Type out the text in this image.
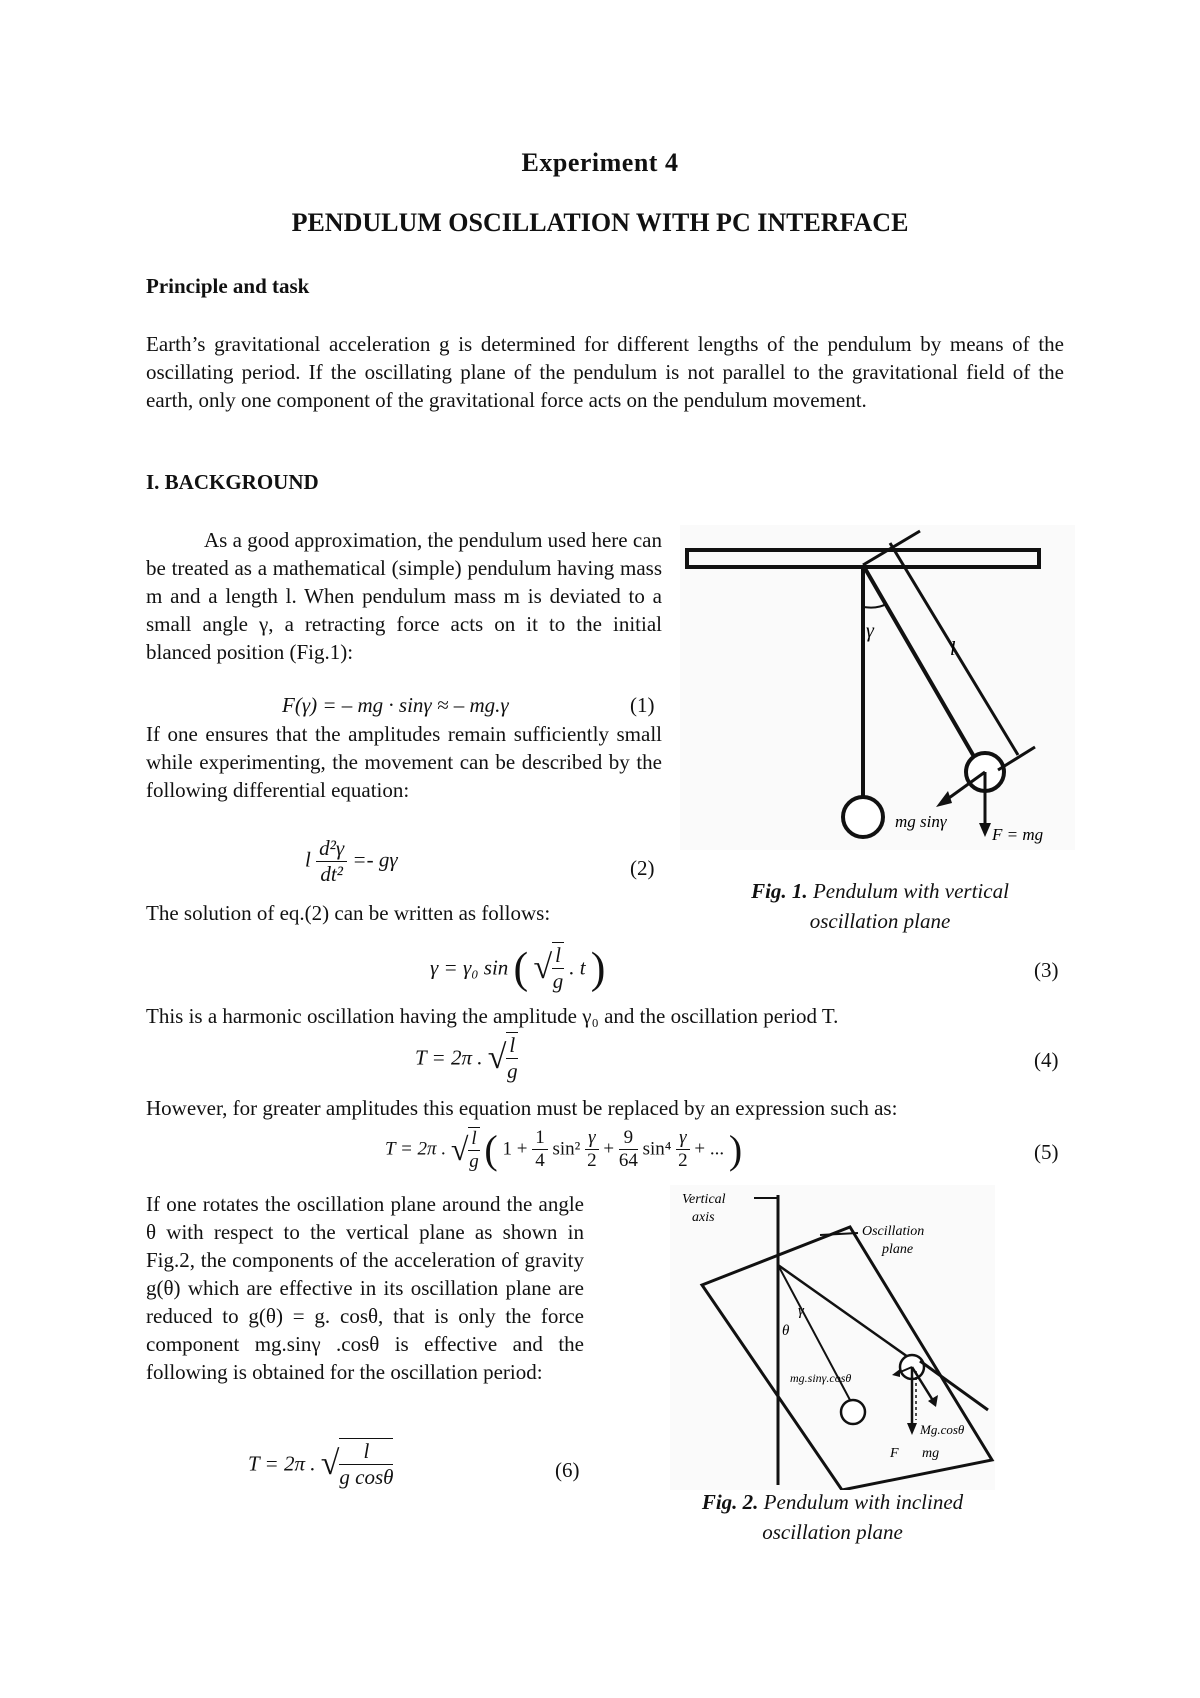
Experiment 4
PENDULUM OSCILLATION WITH PC INTERFACE
Principle and task
Earth’s gravitational acceleration g is determined for different lengths of the pendulum by means of the oscillating period. If the oscillating plane of the pendulum is not parallel to the gravitational field of the earth, only one component of the gravitational force acts on the pendulum movement.
I. BACKGROUND
As a good approximation, the pendulum used here can be treated as a mathematical (simple) pendulum having mass m and a length l. When pendulum mass m is deviated to a small angle γ, a retracting force acts on it to the initial blanced position (Fig.1):
F(γ) = – mg · sinγ ≈ – mg.γ	(1)
If one ensures that the amplitudes remain sufficiently small while experimenting, the movement can be described by the following differential equation:
l $\frac{\text{d²γ}}{\text{dt²}} =- g\gamma$	(2)
The solution of eq.(2) can be written as follows:
γ = γ₀ sin ( √ $\frac{l}{g}$ . t )	(3)
This is a harmonic oscillation having the amplitude γ₀ and the oscillation period T.
T = 2π . √ $\frac{l}{g}$	(4)
However, for greater amplitudes this equation must be replaced by an expression such as:
T = 2π . √ $\frac{l}{g}$ ( $1 + \frac{1}{4} \sin^2 \frac{\gamma}{2} + \frac{9}{64} \sin^4 \frac{\gamma}{2}$ + ... )	(5)
If one rotates the oscillation plane around the angle θ with respect to the vertical plane as shown in Fig.2, the components of the acceleration of gravity g(θ) which are effective in its oscillation plane are reduced to g(θ) = g. cosθ, that is only the force component mg.sinγ .cosθ is effective and the following is obtained for the oscillation period:
T = 2π . √ $\frac{l}{\text{g cosθ}}$	(6)
γ
l
mg sinγ
F = mg
Fig. 1. Pendulum with vertical
oscillation plane
Vertical
axis
Oscillation
plane
γ
θ
mg.sinγ.cosθ
Mg.cosθ
F mg
Fig. 2. Pendulum with inclined
oscillation plane
